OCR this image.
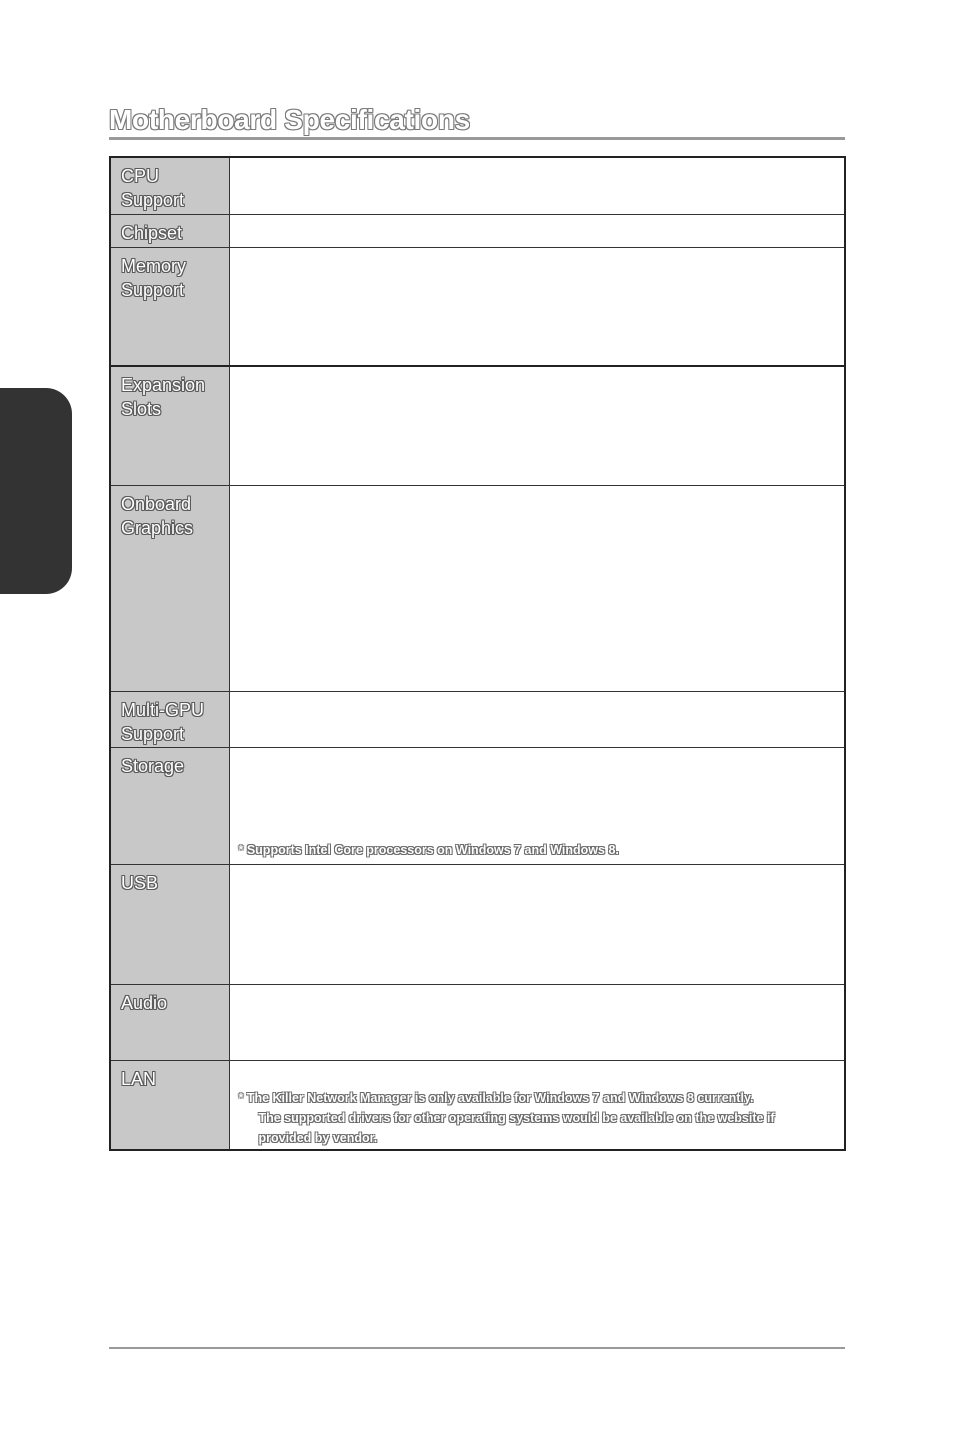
Motherboard Specifications
CPU Support	

Chipset	

Memory Support	

Expansion Slots	

Onboard Graphics	

Multi-GPU Support	

Storage	* Supports Intel Core processors on Windows 7 and Windows 8.

USB	

Audio	

LAN	* The Killer Network Manager is only available for Windows 7 and Windows 8 currently.
The supported drivers for other operating systems would be available on the website if provided by vendor.
